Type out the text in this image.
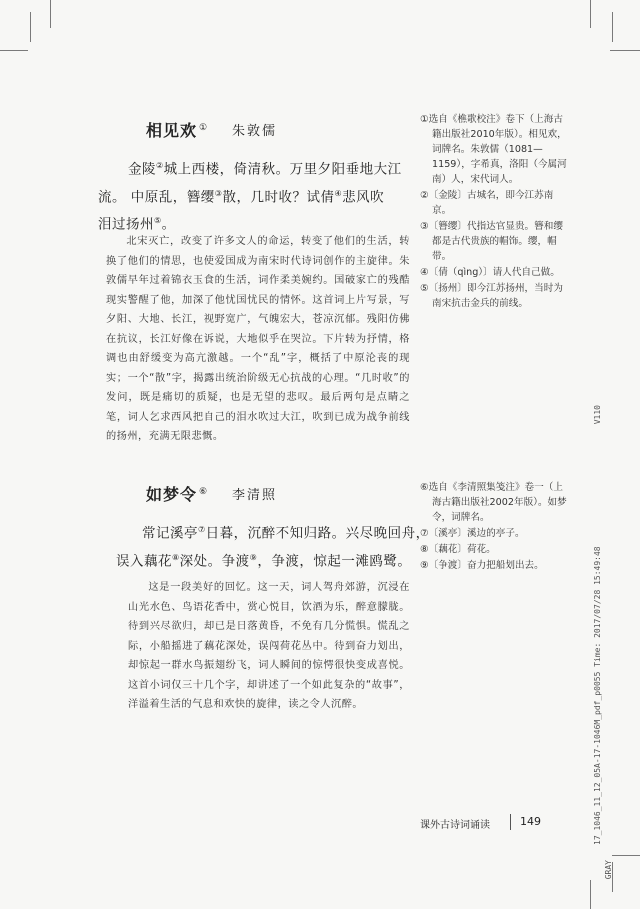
V110
17_1046_11_12_05A-17-1046M_pdf_p0055 Time: 2017/07/28 15:49:48
GRAY
相见欢 ① 朱敦儒
金陵②城上西楼，倚清秋。万里夕阳垂地大江
流。 中原乱，簪缨③散，几时收？试倩④悲风吹
泪过扬州⑤。

北宋灭亡，改变了许多文人的命运，转变了他们的生活，转换了他们的情思，也使爱国成为南宋时代诗词创作的主旋律。朱敦儒早年过着锦衣玉食的生活，词作柔美婉约。国破家亡的残酷现实警醒了他，加深了他忧国忧民的情怀。这首词上片写景，写夕阳、大地、长江，视野宽广，气魄宏大，苍凉沉郁。残阳仿佛在抗议，长江好像在诉说，大地似乎在哭泣。下片转为抒情，格调也由舒缓变为高亢激越。一个“乱”字，概括了中原沦丧的现实；一个“散”字，揭露出统治阶级无心抗战的心理。“几时收”的发问，既是痛切的质疑，也是无望的悲叹。最后两句是点睛之笔，词人乞求西风把自己的泪水吹过大江，吹到已成为战争前线的扬州，充满无限悲慨。

①选自《樵歌校注》卷下（上海古籍出版社2010年版）。相见欢，词牌名。朱敦儒（1081—1159），字希真，洛阳（今属河南）人，宋代词人。

②〔金陵〕古城名，即今江苏南京。

③〔簪缨〕代指达官显贵。簪和缨都是古代贵族的帽饰。缨，帽带。

④〔倩（qìng）〕请人代自己做。

⑤〔扬州〕即今江苏扬州，当时为南宋抗击金兵的前线。

如梦令 ⑥ 李清照
常记溪亭⑦日暮，沉醉不知归路。兴尽晚回舟，
误入藕花⑧深处。争渡⑨，争渡，惊起一滩鸥鹭。

这是一段美好的回忆。这一天，词人驾舟郊游，沉浸在山光水色、鸟语花香中，赏心悦目，饮酒为乐，醉意朦胧。待到兴尽欲归，却已是日落黄昏，不免有几分慌惧。慌乱之际，小船摇进了藕花深处，误闯荷花丛中。待到奋力划出，却惊起一群水鸟振翅纷飞，词人瞬间的惊愕很快变成喜悦。这首小词仅三十几个字，却讲述了一个如此复杂的“故事”，洋溢着生活的气息和欢快的旋律，读之令人沉醉。

⑥选自《李清照集笺注》卷一（上海古籍出版社2002年版）。如梦令，词牌名。

⑦〔溪亭〕溪边的亭子。

⑧〔藕花〕荷花。

⑨〔争渡〕奋力把船划出去。

课外古诗词诵读	149
